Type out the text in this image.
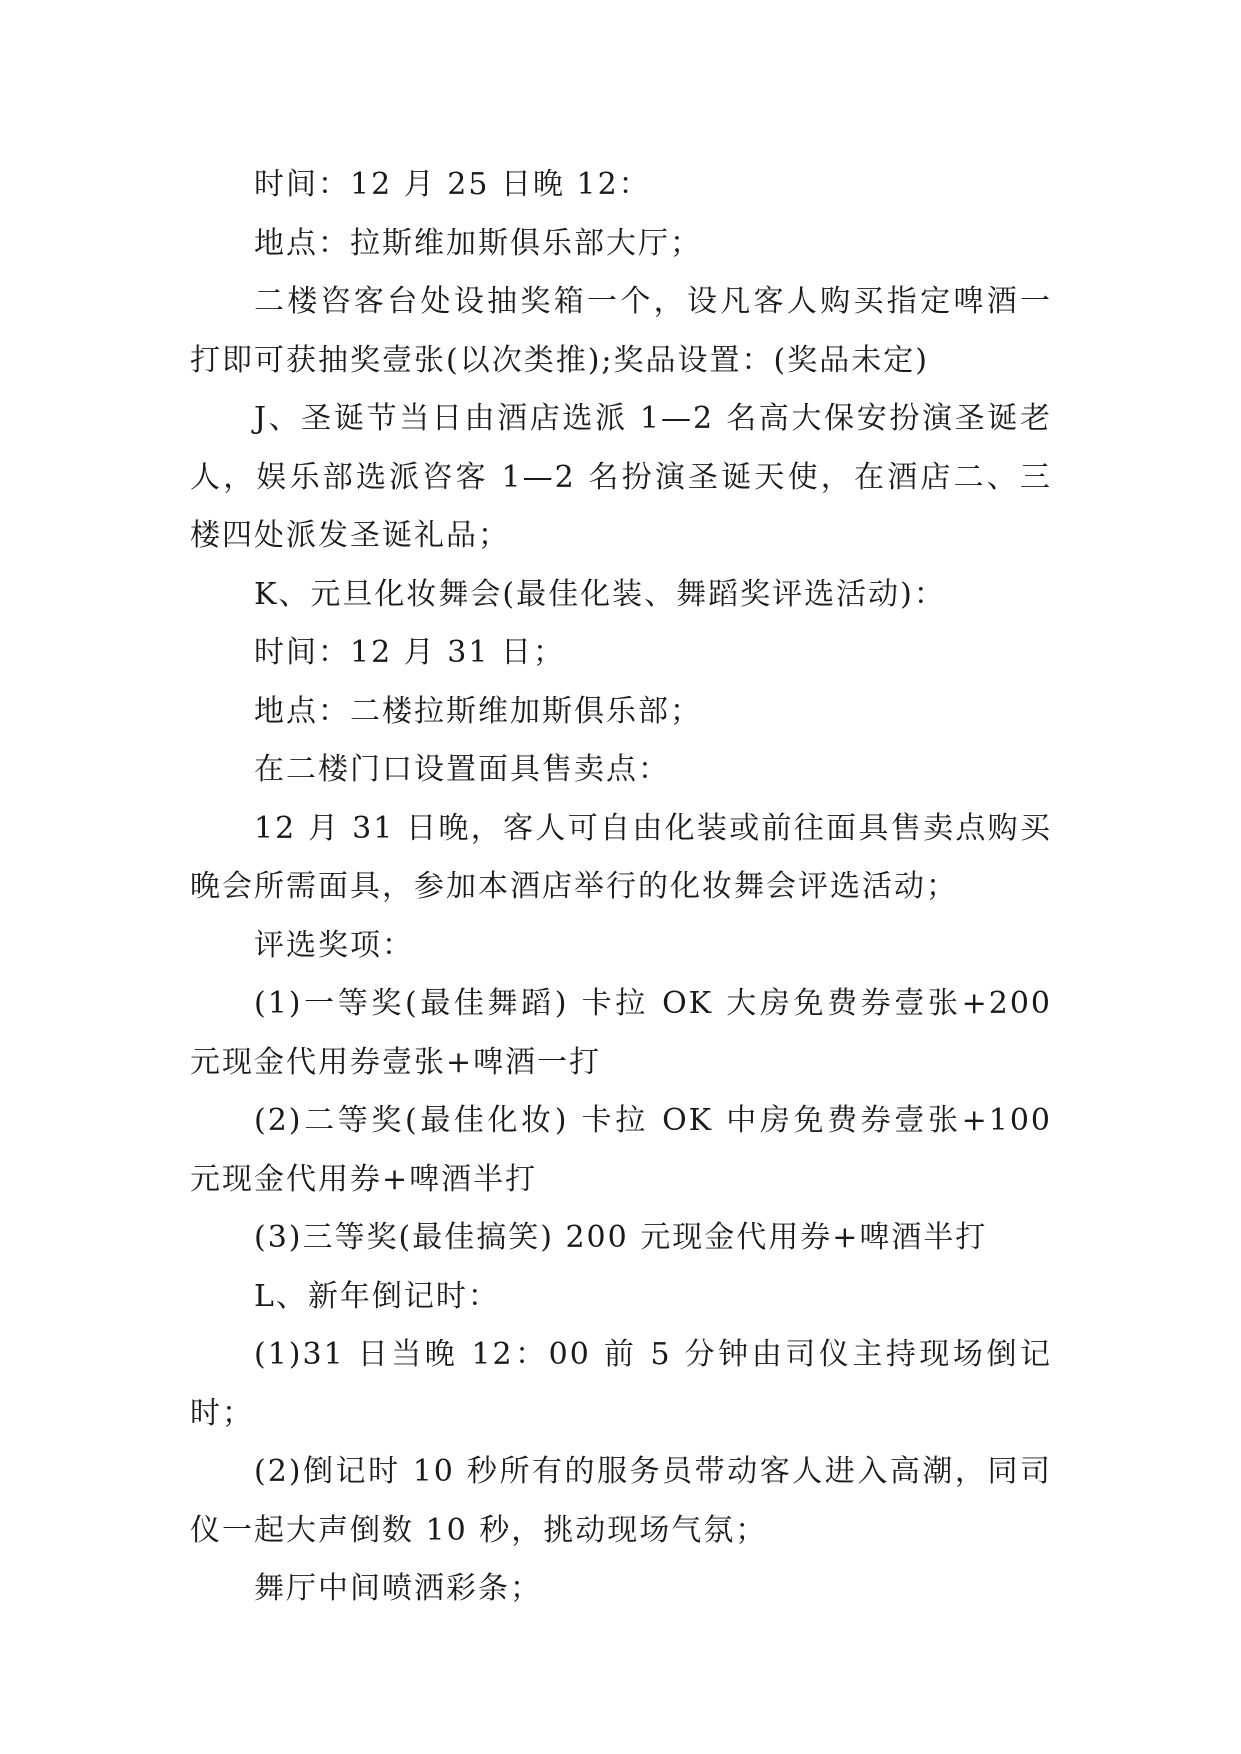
时间：12 月 25 日晚 12：

地点：拉斯维加斯俱乐部大厅；

二楼咨客台处设抽奖箱一个，设凡客人购买指定啤酒一打即可获抽奖壹张(以次类推);奖品设置：(奖品未定)

J、圣诞节当日由酒店选派 1—2 名高大保安扮演圣诞老人，娱乐部选派咨客 1—2 名扮演圣诞天使，在酒店二、三楼四处派发圣诞礼品；

K、元旦化妆舞会(最佳化装、舞蹈奖评选活动)：

时间：12 月 31 日；

地点：二楼拉斯维加斯俱乐部；

在二楼门口设置面具售卖点：

12 月 31 日晚，客人可自由化装或前往面具售卖点购买晚会所需面具，参加本酒店举行的化妆舞会评选活动；

评选奖项：

(1)一等奖(最佳舞蹈) 卡拉 OK 大房免费券壹张+200 元现金代用券壹张+啤酒一打

(2)二等奖(最佳化妆) 卡拉 OK 中房免费券壹张+100 元现金代用券+啤酒半打

(3)三等奖(最佳搞笑) 200 元现金代用券+啤酒半打

L、新年倒记时：

(1)31 日当晚 12：00 前 5 分钟由司仪主持现场倒记时；

(2)倒记时 10 秒所有的服务员带动客人进入高潮，同司仪一起大声倒数 10 秒，挑动现场气氛；

舞厅中间喷洒彩条；
